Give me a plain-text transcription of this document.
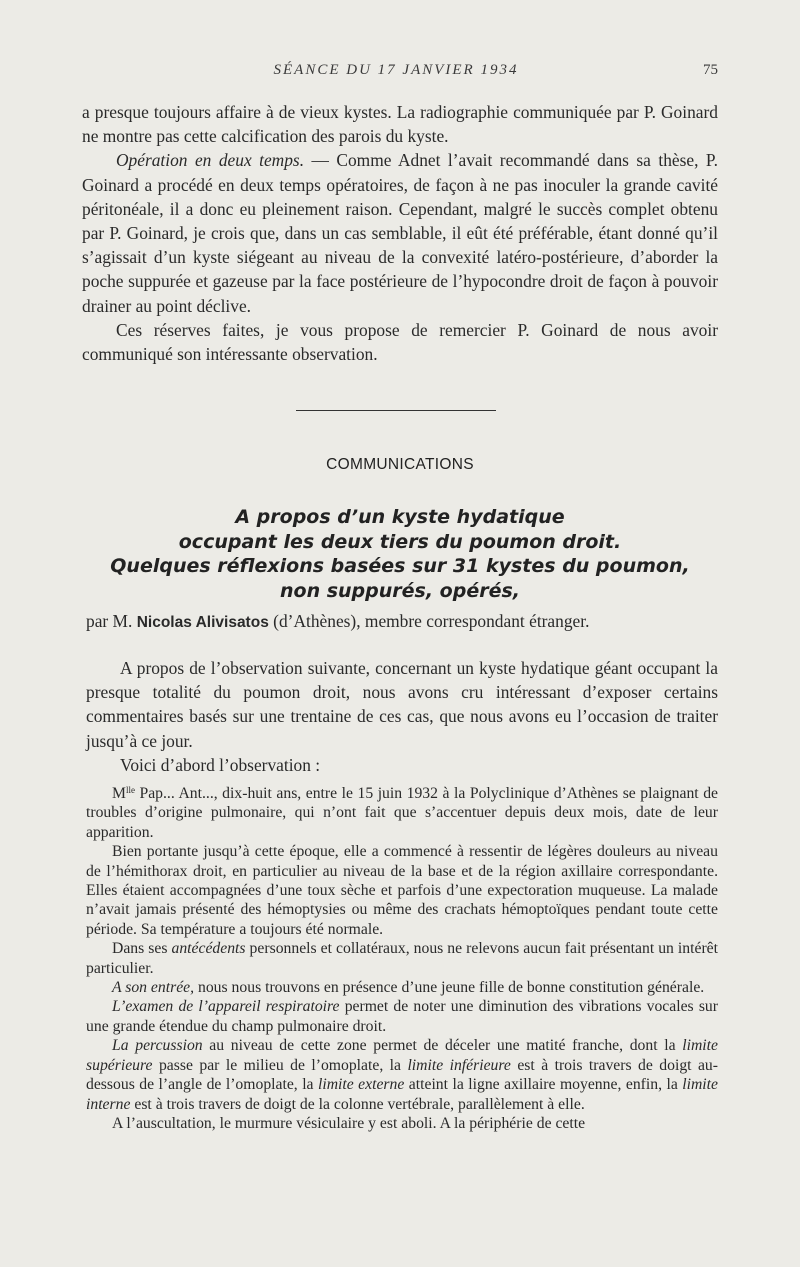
SÉANCE DU 17 JANVIER 1934	75

a presque toujours affaire à de vieux kystes. La radiographie communiquée par P. Goinard ne montre pas cette calcification des parois du kyste.

Opération en deux temps. — Comme Adnet l’avait recommandé dans sa thèse, P. Goinard a procédé en deux temps opératoires, de façon à ne pas inoculer la grande cavité péritonéale, il a donc eu pleinement raison. Cependant, malgré le succès complet obtenu par P. Goinard, je crois que, dans un cas semblable, il eût été préférable, étant donné qu’il s’agissait d’un kyste siégeant au niveau de la convexité latéro-postérieure, d’aborder la poche suppurée et gazeuse par la face postérieure de l’hypocondre droit de façon à pouvoir drainer au point déclive.

Ces réserves faites, je vous propose de remercier P. Goinard de nous avoir communiqué son intéressante observation.

COMMUNICATIONS
A propos d’un kyste hydatique
occupant les deux tiers du poumon droit.
Quelques réflexions basées sur 31 kystes du poumon,
non suppurés, opérés,
par M. Nicolas Alivisatos (d’Athènes), membre correspondant étranger.

A propos de l’observation suivante, concernant un kyste hydatique géant occupant la presque totalité du poumon droit, nous avons cru intéressant d’exposer certains commentaires basés sur une trentaine de ces cas, que nous avons eu l’occasion de traiter jusqu’à ce jour.

Voici d’abord l’observation :

$M^{lle}$ Pap... Ant..., dix-huit ans, entre le 15 juin 1932 à la Polyclinique d’Athènes se plaignant de troubles d’origine pulmonaire, qui n’ont fait que s’accentuer depuis deux mois, date de leur apparition.

Bien portante jusqu’à cette époque, elle a commencé à ressentir de légères douleurs au niveau de l’hémithorax droit, en particulier au niveau de la base et de la région axillaire correspondante. Elles étaient accompagnées d’une toux sèche et parfois d’une expectoration muqueuse. La malade n’avait jamais présenté des hémoptysies ou même des crachats hémoptoïques pendant toute cette période. Sa température a toujours été normale.

Dans ses antécédents personnels et collatéraux, nous ne relevons aucun fait présentant un intérêt particulier.

A son entrée, nous nous trouvons en présence d’une jeune fille de bonne constitution générale.

L’examen de l’appareil respiratoire permet de noter une diminution des vibrations vocales sur une grande étendue du champ pulmonaire droit.

La percussion au niveau de cette zone permet de déceler une matité franche, dont la limite supérieure passe par le milieu de l’omoplate, la limite inférieure est à trois travers de doigt au-dessous de l’angle de l’omoplate, la limite externe atteint la ligne axillaire moyenne, enfin, la limite interne est à trois travers de doigt de la colonne vertébrale, parallèlement à elle.

A l’auscultation, le murmure vésiculaire y est aboli. A la périphérie de cette
